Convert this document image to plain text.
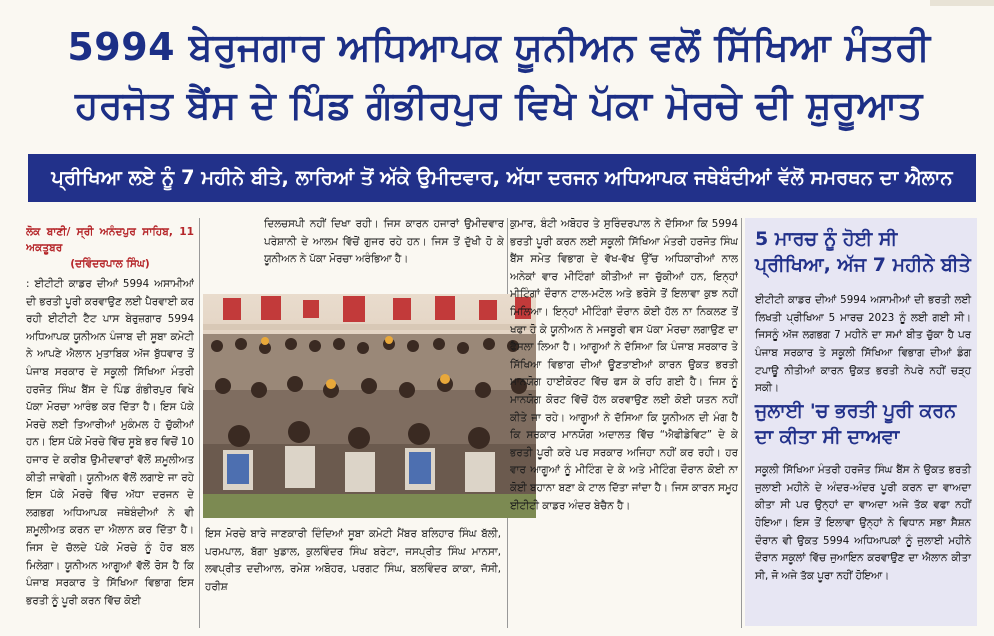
5994 ਬੇਰੁਜਗਾਰ ਅਧਿਆਪਕ ਯੂਨੀਅਨ ਵਲੋਂ ਸਿੱਖਿਆ ਮੰਤਰੀ
ਹਰਜੋਤ ਬੈਂਸ ਦੇ ਪਿੰਡ ਗੰਭੀਰਪੁਰ ਵਿਖੇ ਪੱਕਾ ਮੋਰਚੇ ਦੀ ਸ਼ੁਰੂਆਤ
ਪ੍ਰੀਖਿਆ ਲਏ ਨੂੰ 7 ਮਹੀਨੇ ਬੀਤੇ, ਲਾਰਿਆਂ ਤੋਂ ਅੱਕੇ ਉਮੀਦਵਾਰ, ਅੱਧਾ ਦਰਜਨ ਅਧਿਆਪਕ ਜਥੇਬੰਦੀਆਂ ਵੱਲੋਂ ਸਮਰਥਨ ਦਾ ਐਲਾਨ
ਲੋਕ ਬਾਣੀ/ ਸ੍ਰੀ ਅਨੰਦਪੁਰ ਸਾਹਿਬ, 11 ਅਕਤੂਬਰ
(ਦਵਿੰਦਰਪਾਲ ਸਿੰਘ)

: ਈਟੀਟੀ ਕਾਡਰ ਦੀਆਂ 5994 ਅਸਾਮੀਆਂ ਦੀ ਭਰਤੀ ਪੂਰੀ ਕਰਵਾਉਣ ਲਈ ਪੈਰਵਾਈ ਕਰ ਰਹੀ ਈਟੀਟੀ ਟੈਟ ਪਾਸ ਬੇਰੁਜ਼ਗਾਰ 5994 ਅਧਿਆਪਕ ਯੂਨੀਅਨ ਪੰਜਾਬ ਦੀ ਸੂਬਾ ਕਮੇਟੀ ਨੇ ਆਪਣੇ ਐਲਾਨ ਮੁਤਾਬਿਕ ਅੱਜ ਬੁੱਧਵਾਰ ਤੋਂ ਪੰਜਾਬ ਸਰਕਾਰ ਦੇ ਸਕੂਲੀ ਸਿੱਖਿਆ ਮੰਤਰੀ ਹਰਜੋਤ ਸਿੰਘ ਬੈਂਸ ਦੇ ਪਿੰਡ ਗੰਭੀਰਪੁਰ ਵਿਖੇ ਪੱਕਾ ਮੋਰਚਾ ਆਰੰਭ ਕਰ ਦਿੱਤਾ ਹੈ। ਇਸ ਪੱਕੇ ਮੋਰਚੇ ਲਈ ਤਿਆਰੀਆਂ ਮੁਕੰਮਲ ਹੋ ਚੁੱਕੀਆਂ ਹਨ। ਇਸ ਪੱਕੇ ਮੋਰਚੇ ਵਿੱਚ ਸੂਬੇ ਭਰ ਵਿਚੋਂ 10 ਹਜਾਰ ਦੇ ਕਰੀਬ ਉਮੀਦਵਾਰਾਂ ਵੱਲੋਂ ਸ਼ਮੂਲੀਅਤ ਕੀਤੀ ਜਾਵੇਗੀ। ਯੂਨੀਅਨ ਵੱਲੋਂ ਲਗਾਏ ਜਾ ਰਹੇ ਇਸ ਪੱਕੇ ਮੋਰਚੇ ਵਿੱਚ ਅੱਧਾ ਦਰਜਨ ਦੇ ਲਗਭਗ ਅਧਿਆਪਕ ਜਥੇਬੰਦੀਆਂ ਨੇ ਵੀ ਸ਼ਮੂਲੀਅਤ ਕਰਨ ਦਾ ਐਲਾਨ ਕਰ ਦਿੱਤਾ ਹੈ। ਜਿਸ ਦੇ ਚੱਲਦੇ ਪੱਕੇ ਮੋਰਚੇ ਨੂੰ ਹੋਰ ਬਲ ਮਿਲੇਗਾ। ਯੂਨੀਅਨ ਆਗੂਆਂ ਵੱਲੋਂ ਰੋਸ ਹੈ ਕਿ ਪੰਜਾਬ ਸਰਕਾਰ ਤੇ ਸਿੱਖਿਆ ਵਿਭਾਗ ਇਸ ਭਰਤੀ ਨੂੰ ਪੂਰੀ ਕਰਨ ਵਿੱਚ ਕੋਈ

ਦਿਲਚਸਪੀ ਨਹੀਂ ਦਿਖਾ ਰਹੀ। ਜਿਸ ਕਾਰਨ ਹਜਾਰਾਂ ਉਮੀਦਵਾਰ ਪਰੇਸ਼ਾਨੀ ਦੇ ਆਲਮ ਵਿੱਚੋਂ ਗੁਜਰ ਰਹੇ ਹਨ। ਜਿਸ ਤੋਂ ਦੁੱਖੀ ਹੋ ਕੇ ਯੂਨੀਅਨ ਨੇ ਪੱਕਾ ਮੋਰਚਾ ਅਰੰਭਿਆ ਹੈ।

ਇਸ ਮੋਰਚੇ ਬਾਰੇ ਜਾਣਕਾਰੀ ਦਿੰਦਿਆਂ ਸੂਬਾ ਕਮੇਟੀ ਮੈਂਬਰ ਬਲਿਹਾਰ ਸਿੰਘ ਬੱਲੀ, ਪਰਮਪਾਲ, ਬੱਗਾ ਖੁਡਾਲ, ਕੁਲਵਿੰਦਰ ਸਿੰਘ ਬਰੇਟਾ, ਜਸਪ੍ਰੀਤ ਸਿੰਘ ਮਾਨਸਾ, ਲਵਪ੍ਰੀਤ ਦਦੀਆਲ, ਰਮੇਸ਼ ਅਬੋਹਰ, ਪਰਗਟ ਸਿੰਘ, ਬਲਵਿੰਦਰ ਕਾਕਾ, ਜੱਸੀ, ਹਰੀਸ਼

ਕੁਮਾਰ, ਬੰਟੀ ਅਬੋਹਰ ਤੇ ਸੁਰਿੰਦਰਪਾਲ ਨੇ ਦੱਸਿਆ ਕਿ 5994 ਭਰਤੀ ਪੂਰੀ ਕਰਨ ਲਈ ਸਕੂਲੀ ਸਿੱਖਿਆ ਮੰਤਰੀ ਹਰਜੋਤ ਸਿੰਘ ਬੈਂਸ ਸਮੇਤ ਵਿਭਾਗ ਦੇ ਵੱਖ-ਵੱਖ ਉੱਚ ਅਧਿਕਾਰੀਆਂ ਨਾਲ ਅਨੇਕਾਂ ਵਾਰ ਮੀਟਿੰਗਾਂ ਕੀਤੀਆਂ ਜਾ ਚੁੱਕੀਆਂ ਹਨ, ਇਨ੍ਹਾਂ ਮੀਟਿੰਗਾਂ ਦੌਰਾਨ ਟਾਲ-ਮਟੋਲ ਅਤੇ ਭਰੋਸੇ ਤੋਂ ਇਲਾਵਾ ਕੁਝ ਨਹੀਂ ਮਿਲਿਆ। ਇਨ੍ਹਾਂ ਮੀਟਿੰਗਾਂ ਦੌਰਾਨ ਕੋਈ ਹੱਲ ਨਾ ਨਿਕਲਣ ਤੋਂ ਖਫਾ ਹੋ ਕੇ ਯੂਨੀਅਨ ਨੇ ਮਜਬੂਰੀ ਵਸ ਪੱਕਾ ਮੋਰਚਾ ਲਗਾਉਣ ਦਾ ਫੈਸਲਾ ਲਿਆ ਹੈ। ਆਗੂਆਂ ਨੇ ਦੱਸਿਆ ਕਿ ਪੰਜਾਬ ਸਰਕਾਰ ਤੇ ਸਿੱਖਿਆ ਵਿਭਾਗ ਦੀਆਂ ਊਣਤਾਈਆਂ ਕਾਰਨ ਉਕਤ ਭਰਤੀ ਮਾਨਯੋਗ ਹਾਈਕੋਰਟ ਵਿੱਚ ਫਸ ਕੇ ਰਹਿ ਗਈ ਹੈ। ਜਿਸ ਨੂੰ ਮਾਨਯੋਗ ਕੋਰਟ ਵਿੱਚੋਂ ਹੱਲ ਕਰਵਾਉਣ ਲਈ ਕੋਈ ਯਤਨ ਨਹੀਂ ਕੀਤੇ ਜਾ ਰਹੇ। ਆਗੂਆਂ ਨੇ ਦੱਸਿਆ ਕਿ ਯੂਨੀਅਨ ਦੀ ਮੰਗ ਹੈ ਕਿ ਸਰਕਾਰ ਮਾਨਯੋਗ ਅਦਾਲਤ ਵਿੱਚ “ਐਫੀਡੇਵਿਟ” ਦੇ ਕੇ ਭਰਤੀ ਪੂਰੀ ਕਰੇ ਪਰ ਸਰਕਾਰ ਅਜਿਹਾ ਨਹੀਂ ਕਰ ਰਹੀ। ਹਰ ਵਾਰ ਆਗੂਆਂ ਨੂੰ ਮੀਟਿੰਗ ਦੇ ਕੇ ਅਤੇ ਮੀਟਿੰਗ ਦੌਰਾਨ ਕੋਈ ਨਾ ਕੋਈ ਬਹਾਨਾ ਬਣਾ ਕੇ ਟਾਲ ਦਿੱਤਾ ਜਾਂਦਾ ਹੈ। ਜਿਸ ਕਾਰਨ ਸਮੂਹ ਈਟੀਟੀ ਕਾਡਰ ਅੰਦਰ ਬੇਚੈਨ ਹੈ।

5 ਮਾਰਚ ਨੂੰ ਹੋਈ ਸੀ ਪ੍ਰੀਖਿਆ, ਅੱਜ 7 ਮਹੀਨੇ ਬੀਤੇ

ਈਟੀਟੀ ਕਾਡਰ ਦੀਆਂ 5994 ਅਸਾਮੀਆਂ ਦੀ ਭਰਤੀ ਲਈ ਲਿਖਤੀ ਪ੍ਰੀਖਿਆ 5 ਮਾਰਚ 2023 ਨੂੰ ਲਈ ਗਈ ਸੀ। ਜਿਸਨੂੰ ਅੱਜ ਲਗਭਗ 7 ਮਹੀਨੇ ਦਾ ਸਮਾਂ ਬੀਤ ਚੁੱਕਾ ਹੈ ਪਰ ਪੰਜਾਬ ਸਰਕਾਰ ਤੇ ਸਕੂਲੀ ਸਿੱਖਿਆ ਵਿਭਾਗ ਦੀਆਂ ਡੰਗ ਟਪਾਊ ਨੀਤੀਆਂ ਕਾਰਨ ਉਕਤ ਭਰਤੀ ਨੇਪਰੇ ਨਹੀਂ ਚੜ੍ਹ ਸਕੀ।

ਜੁਲਾਈ 'ਚ ਭਰਤੀ ਪੂਰੀ ਕਰਨ ਦਾ ਕੀਤਾ ਸੀ ਦਾਅਵਾ

ਸਕੂਲੀ ਸਿੱਖਿਆ ਮੰਤਰੀ ਹਰਜੋਤ ਸਿੰਘ ਬੈਂਸ ਨੇ ਉਕਤ ਭਰਤੀ ਜੁਲਾਈ ਮਹੀਨੇ ਦੇ ਅੰਦਰ-ਅੰਦਰ ਪੂਰੀ ਕਰਨ ਦਾ ਵਾਅਦਾ ਕੀਤਾ ਸੀ ਪਰ ਉਨ੍ਹਾਂ ਦਾ ਵਾਅਦਾ ਅਜੇ ਤੱਕ ਵਫਾ ਨਹੀਂ ਹੋਇਆ। ਇਸ ਤੋਂ ਇਲਾਵਾ ਉਨ੍ਹਾਂ ਨੇ ਵਿਧਾਨ ਸਭਾ ਸੈਸ਼ਨ ਦੌਰਾਨ ਵੀ ਉਕਤ 5994 ਅਧਿਆਪਕਾਂ ਨੂੰ ਜੁਲਾਈ ਮਹੀਨੇ ਦੌਰਾਨ ਸਕੂਲਾਂ ਵਿੱਚ ਜੁਆਇਨ ਕਰਵਾਉਣ ਦਾ ਐਲਾਨ ਕੀਤਾ ਸੀ, ਜੋ ਅਜੇ ਤੱਕ ਪੂਰਾ ਨਹੀਂ ਹੋਇਆ।
